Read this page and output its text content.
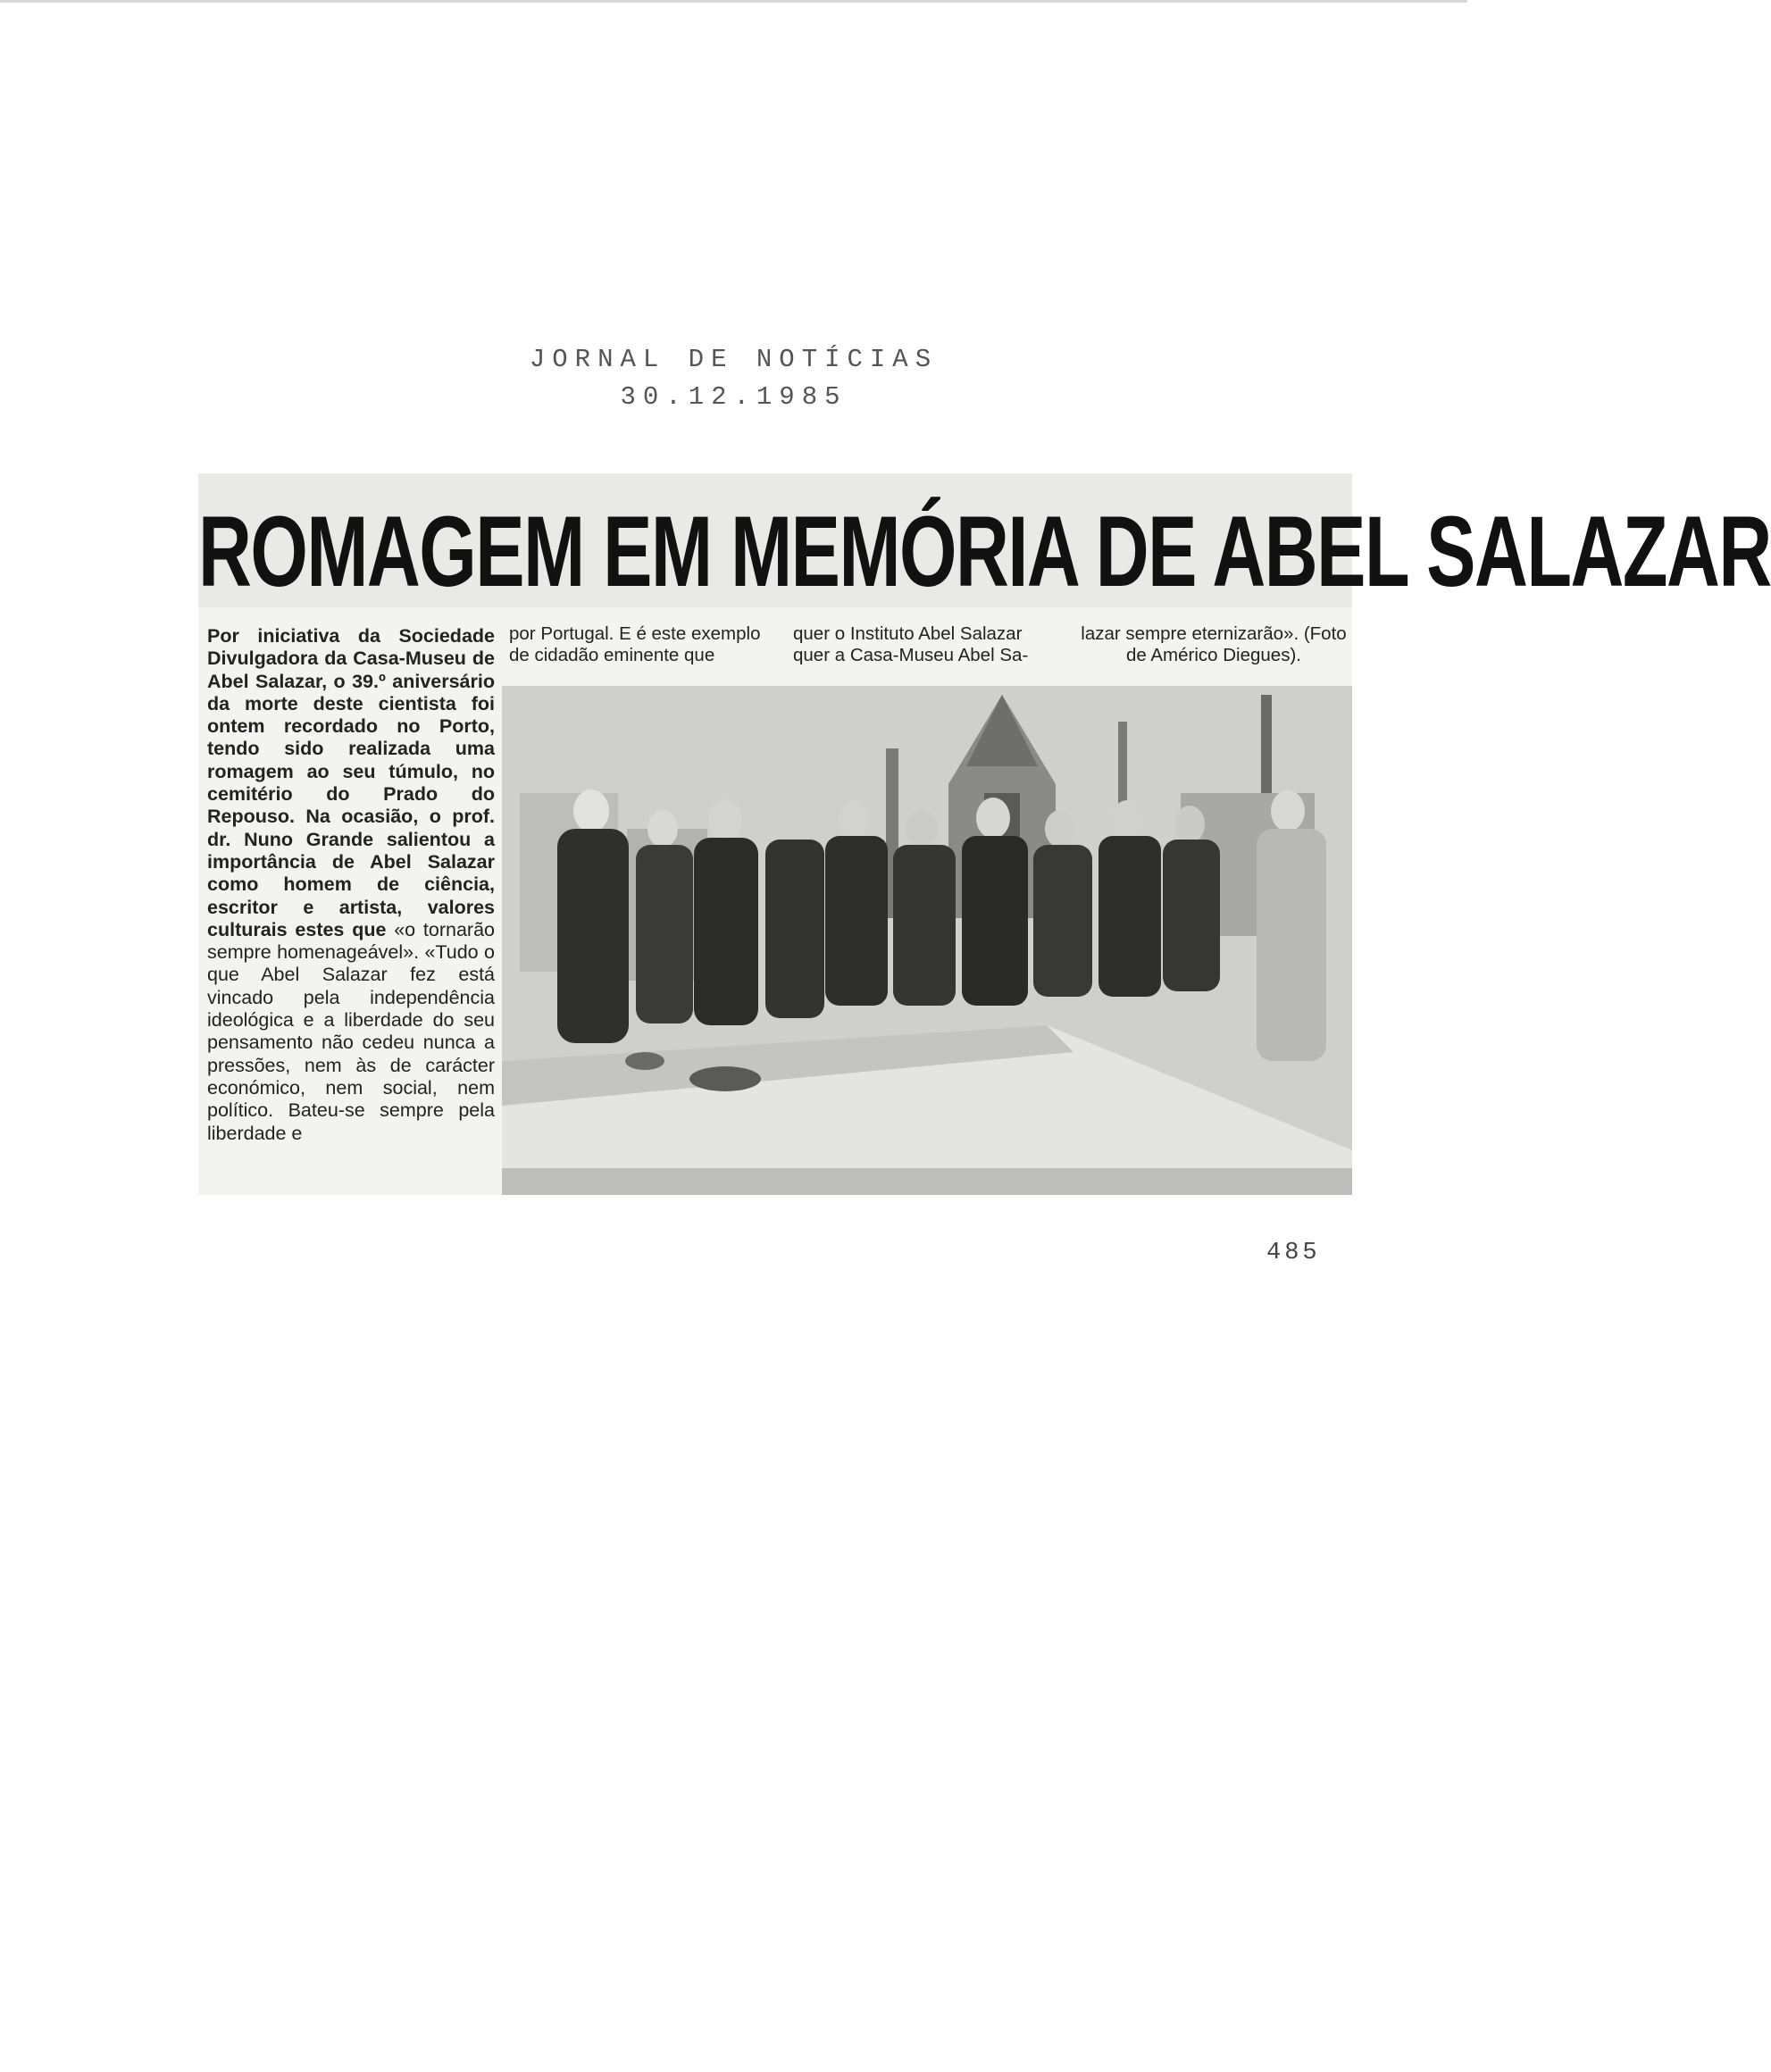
JORNAL DE NOTÍCIAS
30.12.1985
ROMAGEM EM MEMÓRIA DE ABEL SALAZAR
Por iniciativa da Sociedade Divulgadora da Casa-Museu de Abel Salazar, o 39.º aniversário da morte deste cientista foi ontem recordado no Porto, tendo sido realizada uma romagem ao seu túmulo, no cemitério do Prado do Repouso. Na ocasião, o prof. dr. Nuno Grande salientou a importância de Abel Salazar como homem de ciência, escritor e artista, valores culturais estes que «o tornarão sempre homenageável». «Tudo o que Abel Salazar fez está vincado pela independência ideológica e a liberdade do seu pensamento não cedeu nunca a pressões, nem às de carácter económico, nem social, nem político. Bateu-se sempre pela liberdade e
por Portugal. E é este exemplo de cidadão eminente que
quer o Instituto Abel Salazar quer a Casa-Museu Abel Sa-
lazar sempre eternizarão». (Foto de Américo Diegues).
485
